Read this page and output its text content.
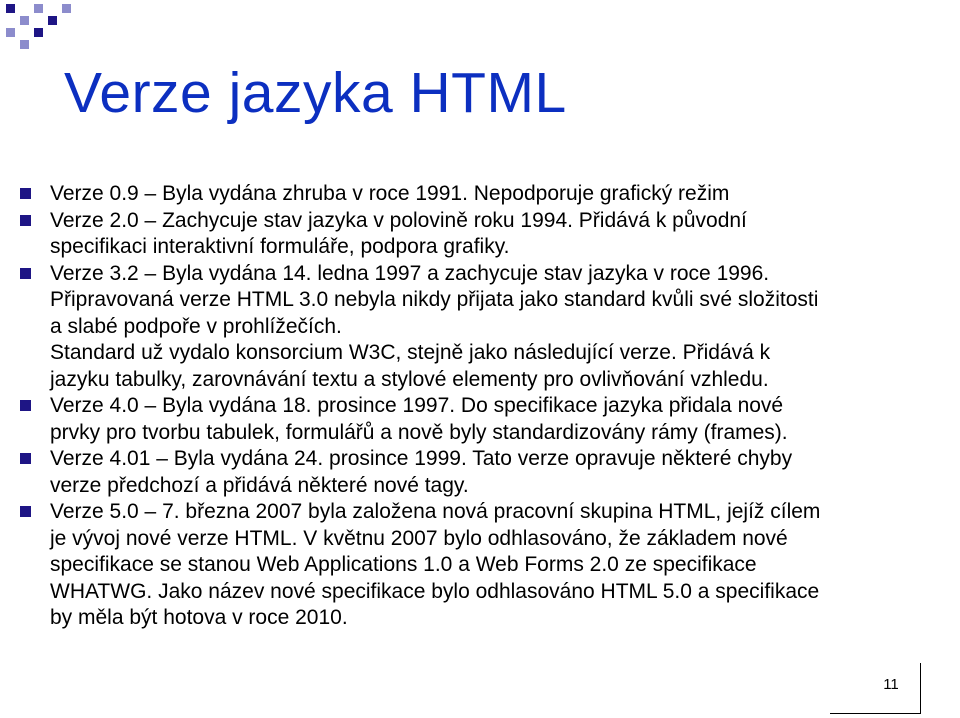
Verze jazyka HTML
Verze 0.9 – Byla vydána zhruba v roce 1991. Nepodporuje grafický režim
Verze 2.0 – Zachycuje stav jazyka v polovině roku 1994. Přidává k původní
specifikaci interaktivní formuláře, podpora grafiky.
Verze 3.2 – Byla vydána 14. ledna 1997 a zachycuje stav jazyka v roce 1996.
Připravovaná verze HTML 3.0 nebyla nikdy přijata jako standard kvůli své složitosti
a slabé podpoře v prohlížečích.
Standard už vydalo konsorcium W3C, stejně jako následující verze. Přidává k
jazyku tabulky, zarovnávání textu a stylové elementy pro ovlivňování vzhledu.
Verze 4.0 – Byla vydána 18. prosince 1997. Do specifikace jazyka přidala nové
prvky pro tvorbu tabulek, formulářů a nově byly standardizovány rámy (frames).
Verze 4.01 – Byla vydána 24. prosince 1999. Tato verze opravuje některé chyby
verze předchozí a přidává některé nové tagy.
Verze 5.0 – 7. března 2007 byla založena nová pracovní skupina HTML, jejíž cílem
je vývoj nové verze HTML. V květnu 2007 bylo odhlasováno, že základem nové
specifikace se stanou Web Applications 1.0 a Web Forms 2.0 ze specifikace
WHATWG. Jako název nové specifikace bylo odhlasováno HTML 5.0 a specifikace
by měla být hotova v roce 2010.
11
